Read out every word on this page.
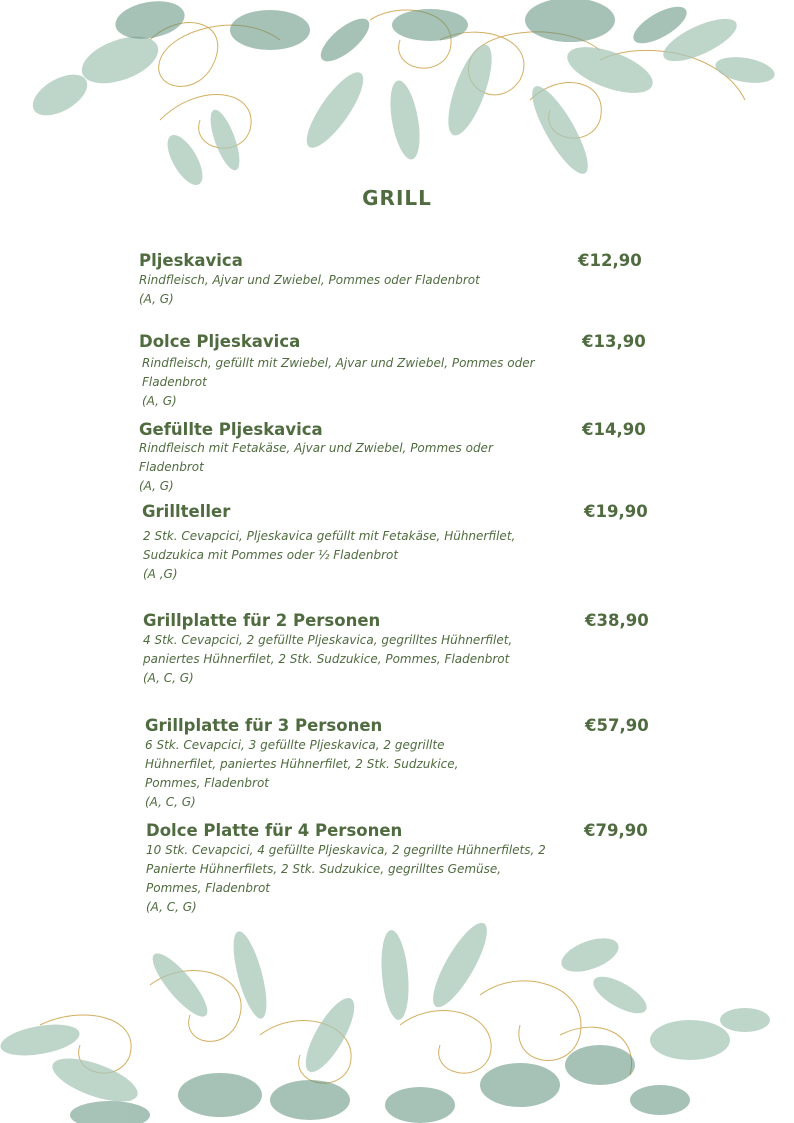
GRILL
Pljeskavica	€12,90
Rindfleisch, Ajvar und Zwiebel, Pommes oder Fladenbrot
(A, G)
Dolce Pljeskavica	€13,90
Rindfleisch, gefüllt mit Zwiebel, Ajvar und Zwiebel, Pommes oder
Fladenbrot
(A, G)
Gefüllte Pljeskavica	€14,90
Rindfleisch mit Fetakäse, Ajvar und Zwiebel, Pommes oder
Fladenbrot
(A, G)
Grillteller	€19,90
2 Stk. Cevapcici, Pljeskavica gefüllt mit Fetakäse, Hühnerfilet,
Sudzukica mit Pommes oder ½ Fladenbrot
(A ,G)
Grillplatte für 2 Personen	€38,90
4 Stk. Cevapcici, 2 gefüllte Pljeskavica, gegrilltes Hühnerfilet,
paniertes Hühnerfilet, 2 Stk. Sudzukice, Pommes, Fladenbrot
(A, C, G)
Grillplatte für 3 Personen	€57,90
6 Stk. Cevapcici, 3 gefüllte Pljeskavica, 2 gegrillte
Hühnerfilet, paniertes Hühnerfilet, 2 Stk. Sudzukice,
Pommes, Fladenbrot
(A, C, G)
Dolce Platte für 4 Personen	€79,90
10 Stk. Cevapcici, 4 gefüllte Pljeskavica, 2 gegrillte Hühnerfilets, 2
Panierte Hühnerfilets, 2 Stk. Sudzukice, gegrilltes Gemüse,
Pommes, Fladenbrot
(A, C, G)
